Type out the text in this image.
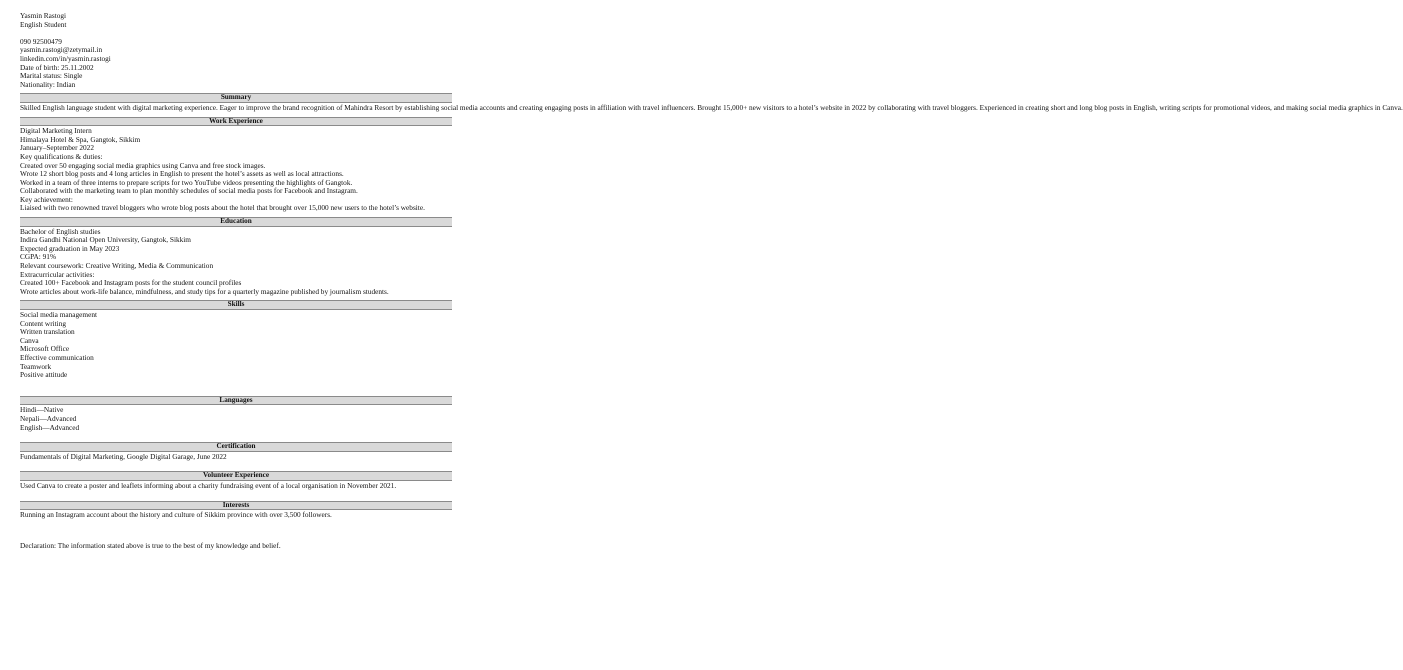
Yasmin Rastogi
English Student
090 92500479
yasmin.rastogi@zetymail.in
linkedin.com/in/yasmin.rastogi
Date of birth: 25.11.2002
Marital status: Single
Nationality: Indian
Summary
Skilled English language student with digital marketing experience. Eager to improve the brand recognition of Mahindra Resort by establishing social media accounts and creating engaging posts in affiliation with travel influencers. Brought 15,000+ new visitors to a hotel’s website in 2022 by collaborating with travel bloggers. Experienced in creating short and long blog posts in English, writing scripts for promotional videos, and making social media graphics in Canva.
Work Experience
Digital Marketing Intern
Himalaya Hotel & Spa, Gangtok, Sikkim
January–September 2022
Key qualifications & duties:
Created over 50 engaging social media graphics using Canva and free stock images.
Wrote 12 short blog posts and 4 long articles in English to present the hotel’s assets as well as local attractions.
Worked in a team of three interns to prepare scripts for two YouTube videos presenting the highlights of Gangtok.
Collaborated with the marketing team to plan monthly schedules of social media posts for Facebook and Instagram.
Key achievement:
Liaised with two renowned travel bloggers who wrote blog posts about the hotel that brought over 15,000 new users to the hotel’s website.
Education
Bachelor of English studies
Indira Gandhi National Open University, Gangtok, Sikkim
Expected graduation in May 2023
CGPA: 91%
Relevant coursework: Creative Writing, Media & Communication
Extracurricular activities:
Created 100+ Facebook and Instagram posts for the student council profiles
Wrote articles about work-life balance, mindfulness, and study tips for a quarterly magazine published by journalism students.
Skills
Social media management
Content writing
Written translation
Canva
Microsoft Office
Effective communication
Teamwork
Positive attitude
Languages
Hindi—Native
Nepali—Advanced
English—Advanced
Certification
Fundamentals of Digital Marketing, Google Digital Garage, June 2022
Volunteer Experience
Used Canva to create a poster and leaflets informing about a charity fundraising event of a local organisation in November 2021.
Interests
Running an Instagram account about the history and culture of Sikkim province with over 3,500 followers.
Declaration: The information stated above is true to the best of my knowledge and belief.
